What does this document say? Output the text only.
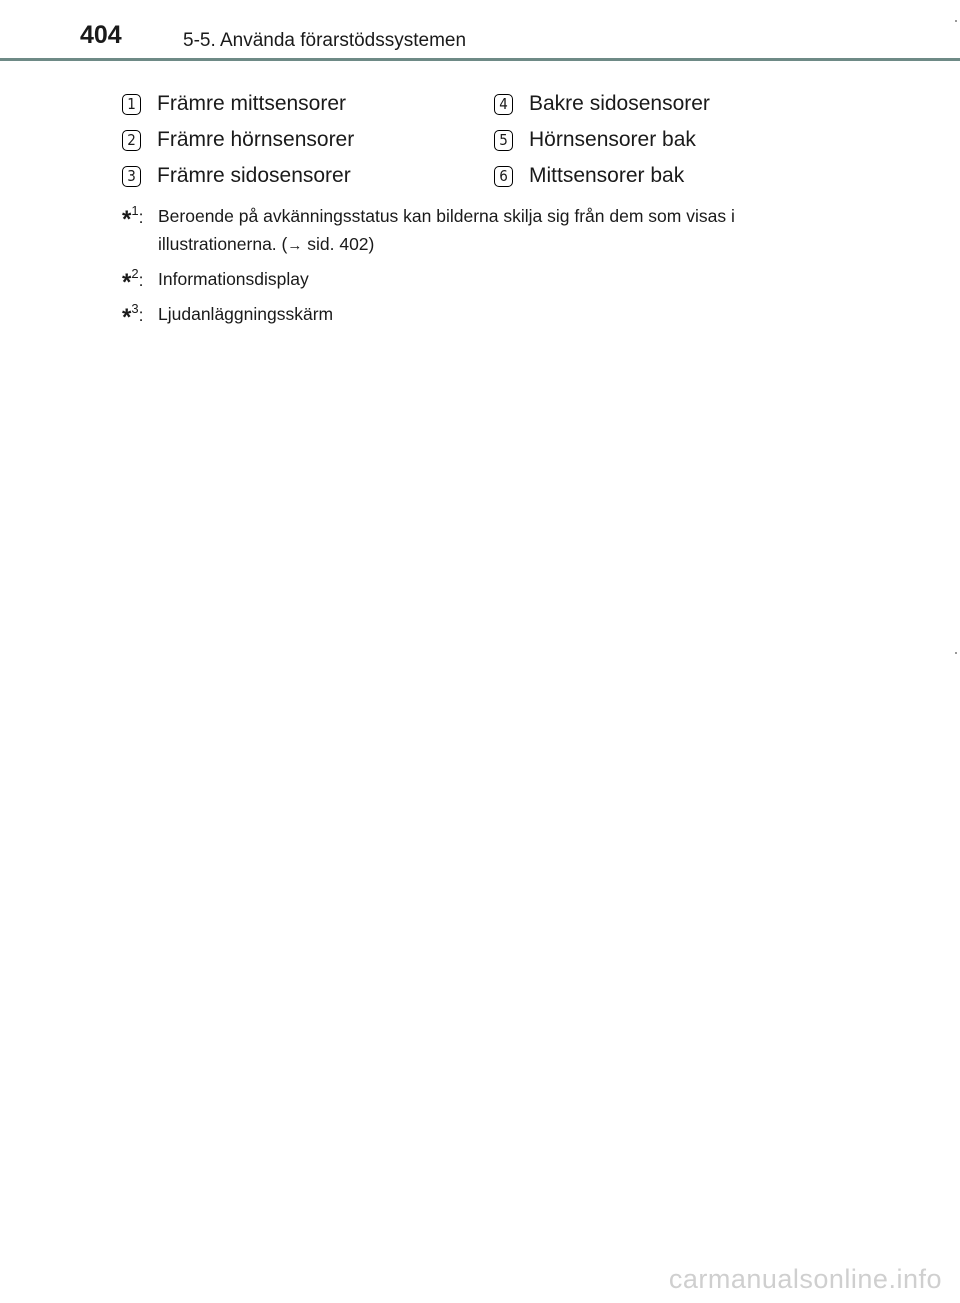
404	5-5. Använda förarstödssystemen
1 Främre mittsensorer
2 Främre hörnsensorer
3 Främre sidosensorer
4 Bakre sidosensorer
5 Hörnsensorer bak
6 Mittsensorer bak
*$^1$: Beroende på avkänningsstatus kan bilderna skilja sig från dem som visas i illustrationerna. (→ sid. 402)
*$^2$: Informationsdisplay
*$^3$: Ljudanläggningsskärm
carmanualsonline.info
